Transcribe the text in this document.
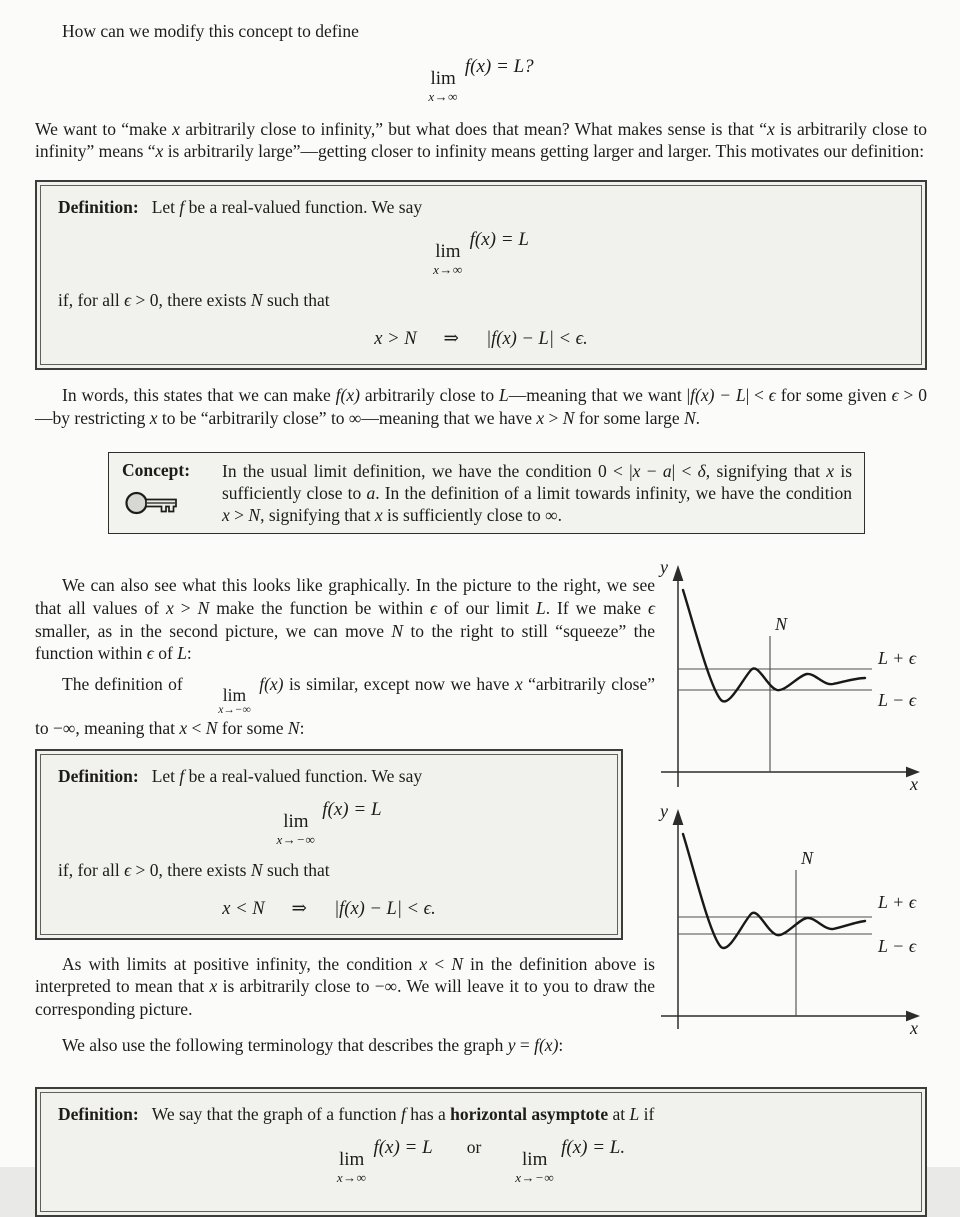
How can we modify this concept to define

lim
x→∞
f(x) = L?

We want to “make x arbitrarily close to infinity,” but what does that mean? What makes sense is that “x is arbitrarily close to infinity” means “x is arbitrarily large”—getting closer to infinity means getting larger and larger. This motivates our definition:

Definition: Let f be a real-valued function. We say
lim
x→∞
f(x) = L
if, for all ϵ > 0, there exists N such that
x > N ⇒ |f(x) − L| < ϵ.

In words, this states that we can make f(x) arbitrarily close to L—meaning that we want |f(x) − L| < ϵ for some given ϵ > 0—by restricting x to be “arbitrarily close” to ∞—meaning that we have x > N for some large N.

Concept:	In the usual limit definition, we have the condition 0 < |x − a| < δ, signifying that x is sufficiently close to a. In the definition of a limit towards infinity, we have the condition x > N, signifying that x is sufficiently close to ∞.

We can also see what this looks like graphically. In the picture to the right, we see that all values of x > N make the function be within ϵ of our limit L. If we make ϵ smaller, as in the second picture, we can move N to the right to still “squeeze” the function within ϵ of L:

The definition of
lim
x→−∞
f(x) is similar, except now we have x “arbitrarily close” to −∞, meaning that x < N for some N:

Definition: Let f be a real-valued function. We say
lim
x→−∞
f(x) = L
if, for all ϵ > 0, there exists N such that
x < N ⇒ |f(x) − L| < ϵ.

As with limits at positive infinity, the condition x < N in the definition above is interpreted to mean that x is arbitrarily close to −∞. We will leave it to you to draw the corresponding picture.

We also use the following terminology that describes the graph y = f(x):

Definition: We say that the graph of a function f has a horizontal asymptote at L if
lim
x→∞
f(x) = L or
lim
x→−∞
f(x) = L.
y
N
L + ϵ
L − ϵ
x
y
N
L + ϵ
L − ϵ
x
